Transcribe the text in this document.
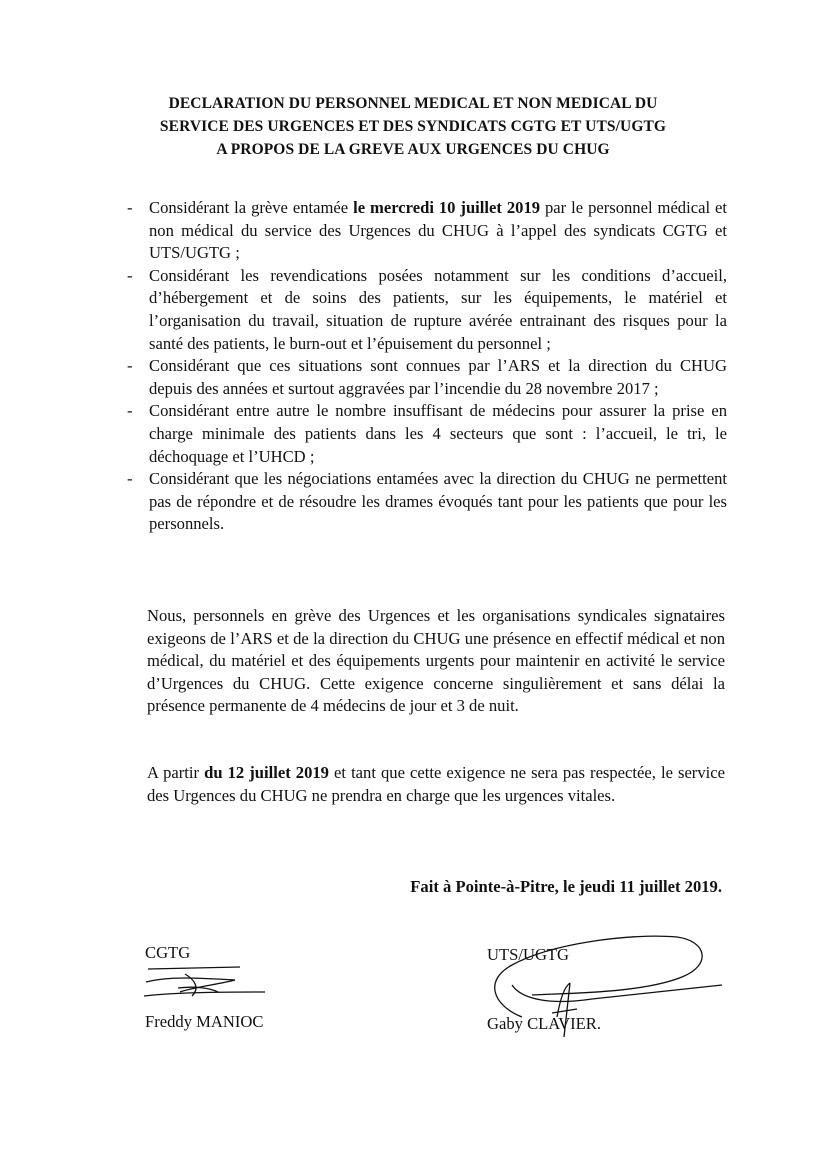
DECLARATION DU PERSONNEL MEDICAL ET NON MEDICAL DU
SERVICE DES URGENCES ET DES SYNDICATS CGTG ET UTS/UGTG
A PROPOS DE LA GREVE AUX URGENCES DU CHUG
- Considérant la grève entamée le mercredi 10 juillet 2019 par le personnel médical et non médical du service des Urgences du CHUG à l’appel des syndicats CGTG et UTS/UGTG ;
- Considérant les revendications posées notamment sur les conditions d’accueil, d’hébergement et de soins des patients, sur les équipements, le matériel et l’organisation du travail, situation de rupture avérée entrainant des risques pour la santé des patients, le burn-out et l’épuisement du personnel ;
- Considérant que ces situations sont connues par l’ARS et la direction du CHUG depuis des années et surtout aggravées par l’incendie du 28 novembre 2017 ;
- Considérant entre autre le nombre insuffisant de médecins pour assurer la prise en charge minimale des patients dans les 4 secteurs que sont : l’accueil, le tri, le déchoquage et l’UHCD ;
- Considérant que les négociations entamées avec la direction du CHUG ne permettent pas de répondre et de résoudre les drames évoqués tant pour les patients que pour les personnels.
Nous, personnels en grève des Urgences et les organisations syndicales signataires exigeons de l’ARS et de la direction du CHUG une présence en effectif médical et non médical, du matériel et des équipements urgents pour maintenir en activité le service d’Urgences du CHUG. Cette exigence concerne singulièrement et sans délai la présence permanente de 4 médecins de jour et 3 de nuit.
A partir du 12 juillet 2019 et tant que cette exigence ne sera pas respectée, le service des Urgences du CHUG ne prendra en charge que les urgences vitales.
Fait à Pointe-à-Pitre, le jeudi 11 juillet 2019.
CGTG
Freddy MANIOC
UTS/UGTG
Gaby CLAVIER.
